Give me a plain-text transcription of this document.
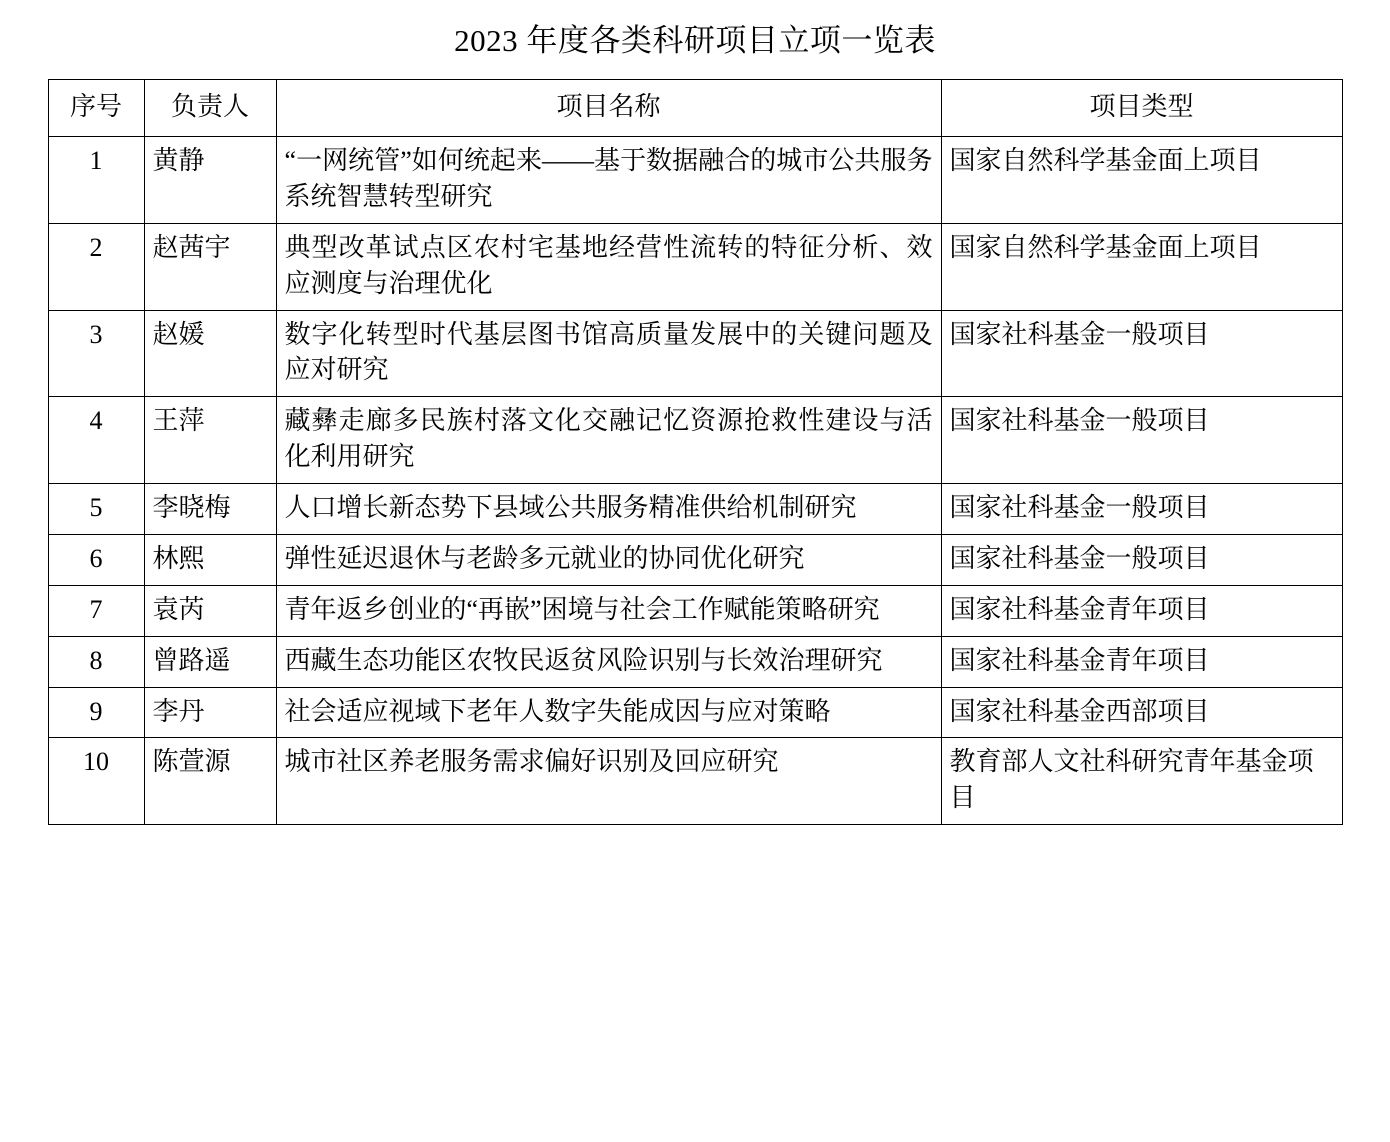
2023 年度各类科研项目立项一览表
序号	负责人	项目名称	项目类型
1	黄静	“一网统管”如何统起来——基于数据融合的城市公共服务系统智慧转型研究	国家自然科学基金面上项目
2	赵茜宇	典型改革试点区农村宅基地经营性流转的特征分析、效应测度与治理优化	国家自然科学基金面上项目
3	赵媛	数字化转型时代基层图书馆高质量发展中的关键问题及应对研究	国家社科基金一般项目
4	王萍	藏彝走廊多民族村落文化交融记忆资源抢救性建设与活化利用研究	国家社科基金一般项目
5	李晓梅	人口增长新态势下县域公共服务精准供给机制研究	国家社科基金一般项目
6	林熙	弹性延迟退休与老龄多元就业的协同优化研究	国家社科基金一般项目
7	袁芮	青年返乡创业的“再嵌”困境与社会工作赋能策略研究	国家社科基金青年项目
8	曾路遥	西藏生态功能区农牧民返贫风险识别与长效治理研究	国家社科基金青年项目
9	李丹	社会适应视域下老年人数字失能成因与应对策略	国家社科基金西部项目
10	陈萱源	城市社区养老服务需求偏好识别及回应研究	教育部人文社科研究青年基金项目
